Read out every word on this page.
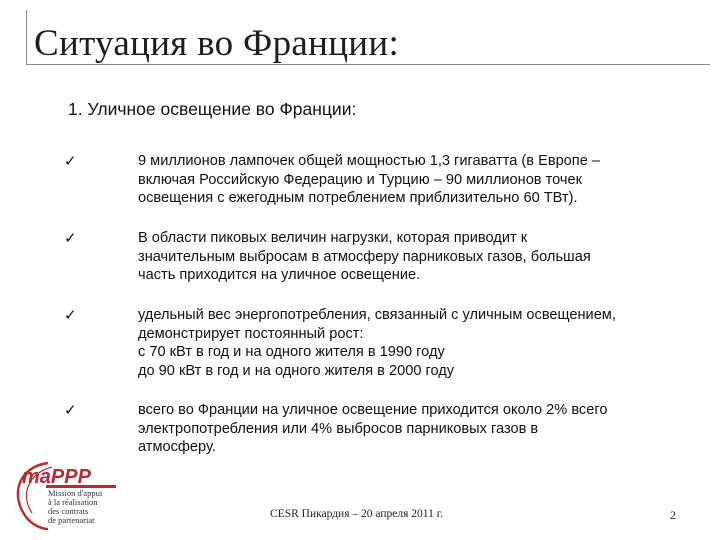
Ситуация во Франции:
1. Уличное освещение во Франции:
✓	9 миллионов лампочек общей мощностью 1,3 гигаватта (в Европе –
включая Российскую Федерацию и Турцию – 90 миллионов точек
освещения с ежегодным потреблением приблизительно 60 ТВт).
✓	В области пиковых величин нагрузки, которая приводит к
значительным выбросам в атмосферу парниковых газов, большая
часть приходится на уличное освещение.
✓	удельный вес энергопотребления, связанный с уличным освещением,
демонстрирует постоянный рост:
с 70 кВт в год и на одного жителя в 1990 году
до 90 кВт в год и на одного жителя в 2000 году
✓	всего во Франции на уличное освещение приходится около 2% всего
электропотребления или 4% выбросов парниковых газов в
атмосферу.
maPPP
Mission d'appui
à la réalisation
des contrats
de partenariat	CESR Пикардия – 20 апреля 2011 г.	2
